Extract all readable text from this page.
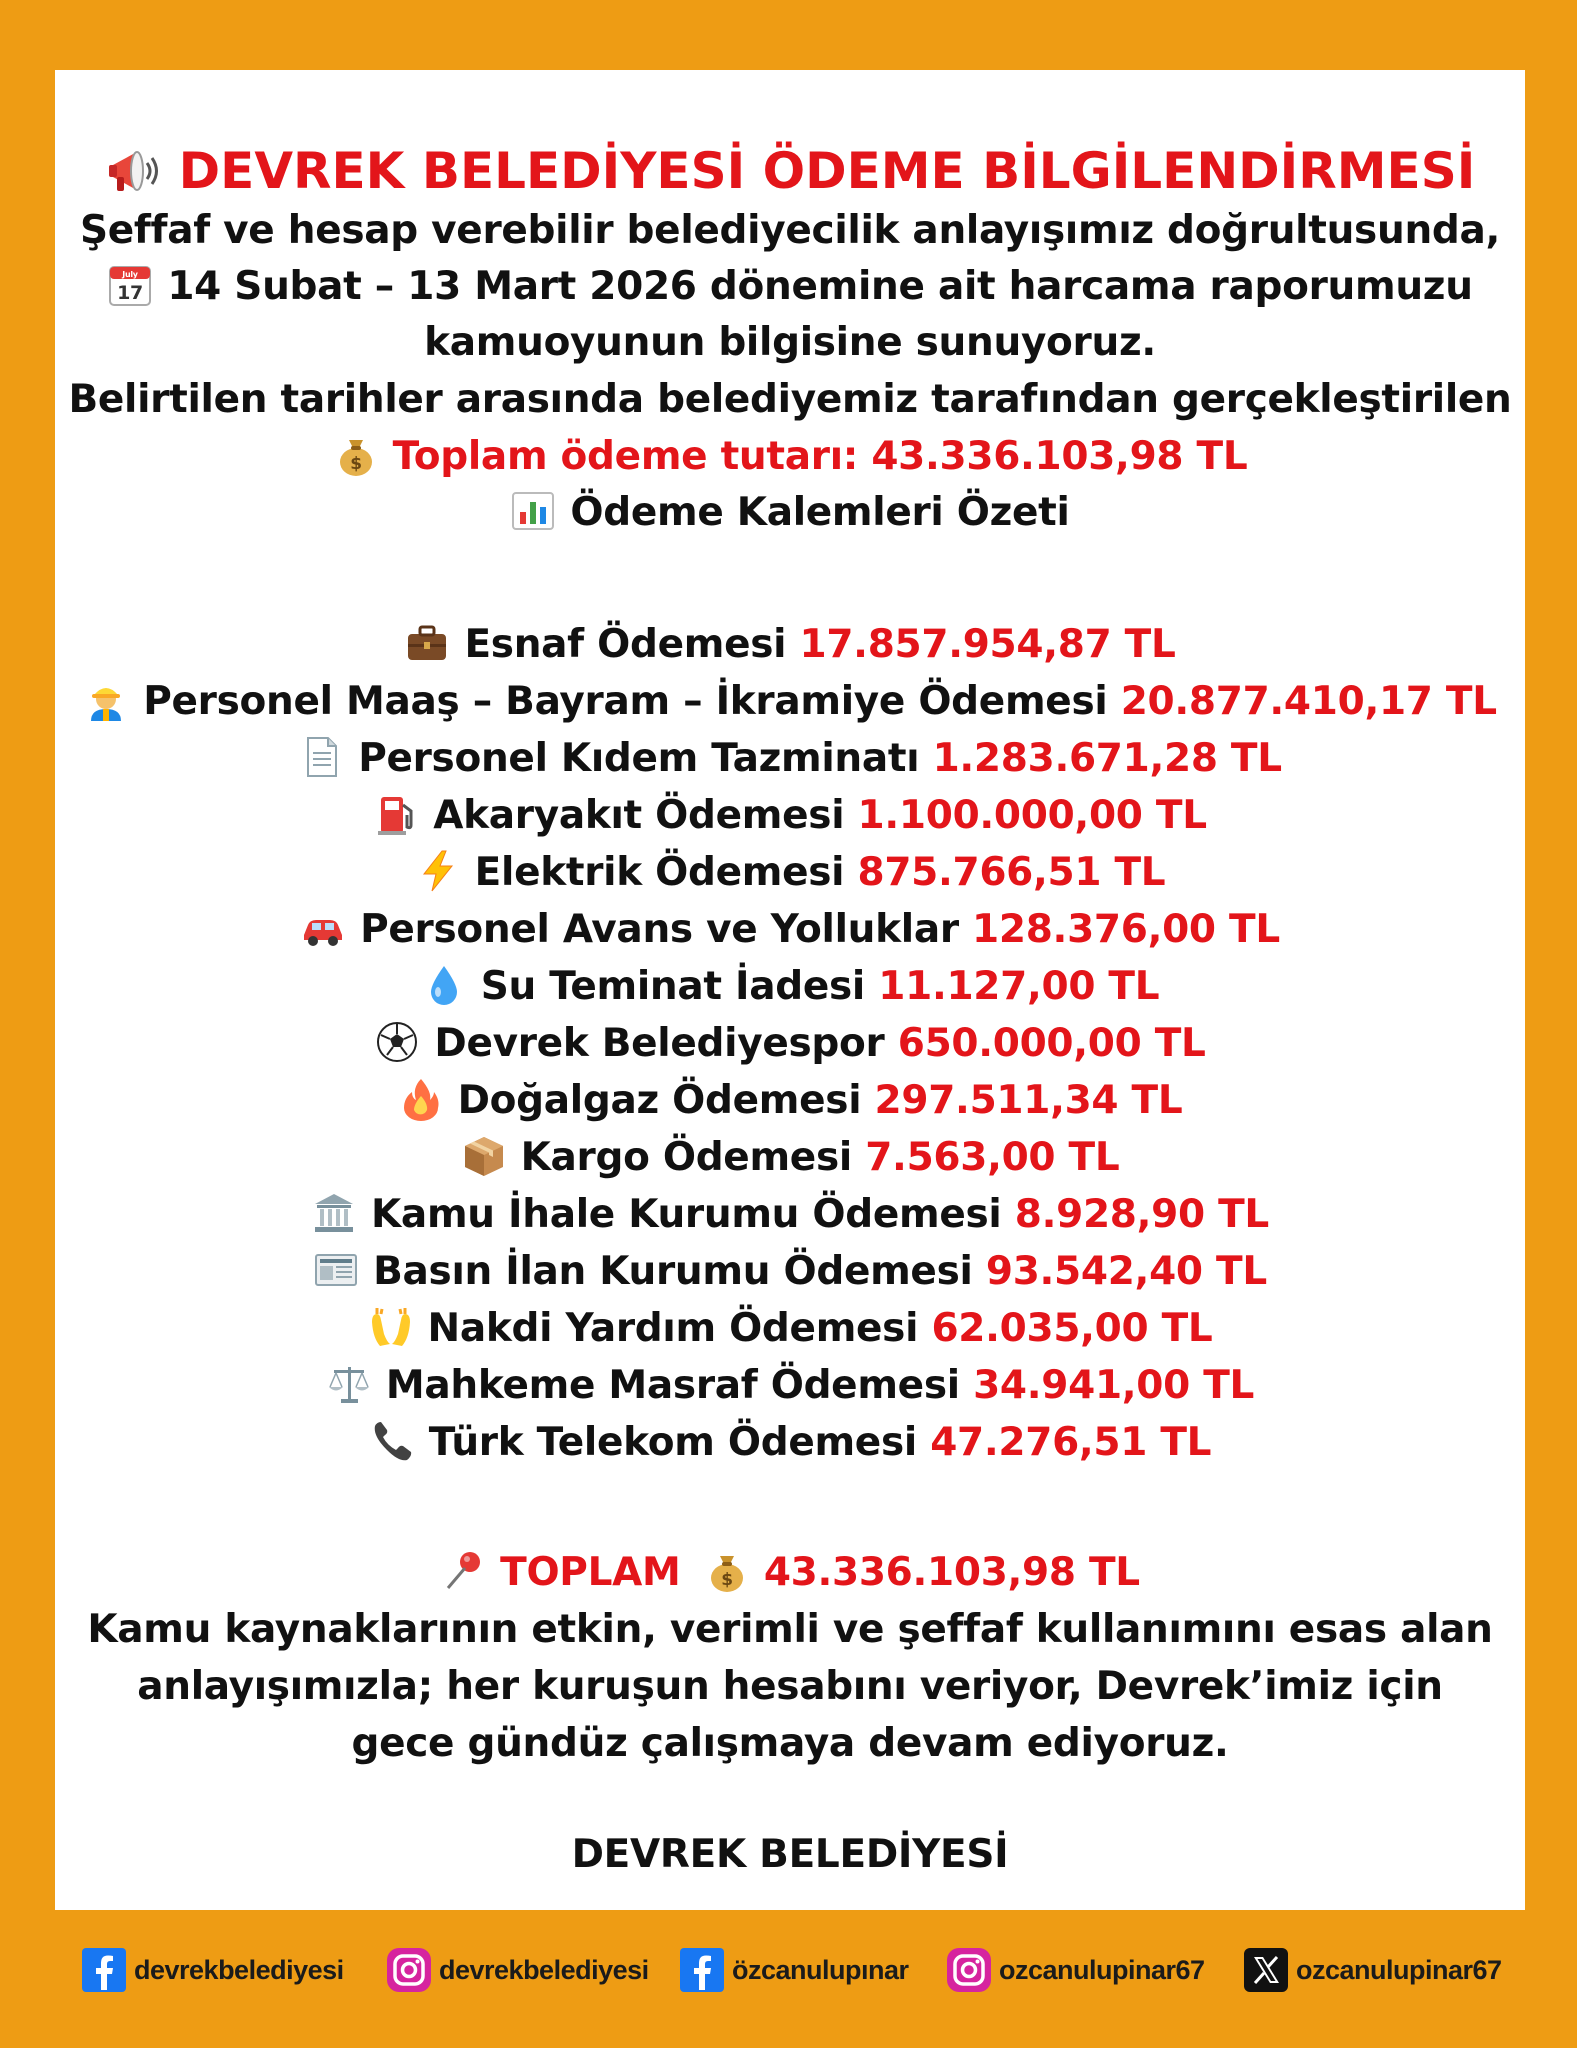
DEVREK BELEDİYESİ ÖDEME BİLGİLENDİRMESİ
Şeffaf ve hesap verebilir belediyecilik anlayışımız doğrultusunda,
July
17 14 Subat – 13 Mart 2026 dönemine ait harcama raporumuzu
kamuoyunun bilgisine sunuyoruz.
Belirtilen tarihler arasında belediyemiz tarafından gerçekleştirilen
$ Toplam ödeme tutarı: 43.336.103,98 TL
Ödeme Kalemleri Özeti
Esnaf Ödemesi 17.857.954,87 TL
Personel Maaş – Bayram – İkramiye Ödemesi 20.877.410,17 TL
Personel Kıdem Tazminatı 1.283.671,28 TL
Akaryakıt Ödemesi 1.100.000,00 TL
Elektrik Ödemesi 875.766,51 TL
Personel Avans ve Yolluklar 128.376,00 TL
Su Teminat İadesi 11.127,00 TL
Devrek Belediyespor 650.000,00 TL
Doğalgaz Ödemesi 297.511,34 TL
Kargo Ödemesi 7.563,00 TL
Kamu İhale Kurumu Ödemesi 8.928,90 TL
Basın İlan Kurumu Ödemesi 93.542,40 TL
Nakdi Yardım Ödemesi 62.035,00 TL
Mahkeme Masraf Ödemesi 34.941,00 TL
Türk Telekom Ödemesi 47.276,51 TL
TOPLAM $ 43.336.103,98 TL
Kamu kaynaklarının etkin, verimli ve şeffaf kullanımını esas alan
anlayışımızla; her kuruşun hesabını veriyor, Devrek’imiz için
gece gündüz çalışmaya devam ediyoruz.
DEVREK BELEDİYESİ
devrekbelediyesi	devrekbelediyesi	özcanulupınar	ozcanulupinar67	ozcanulupinar67
